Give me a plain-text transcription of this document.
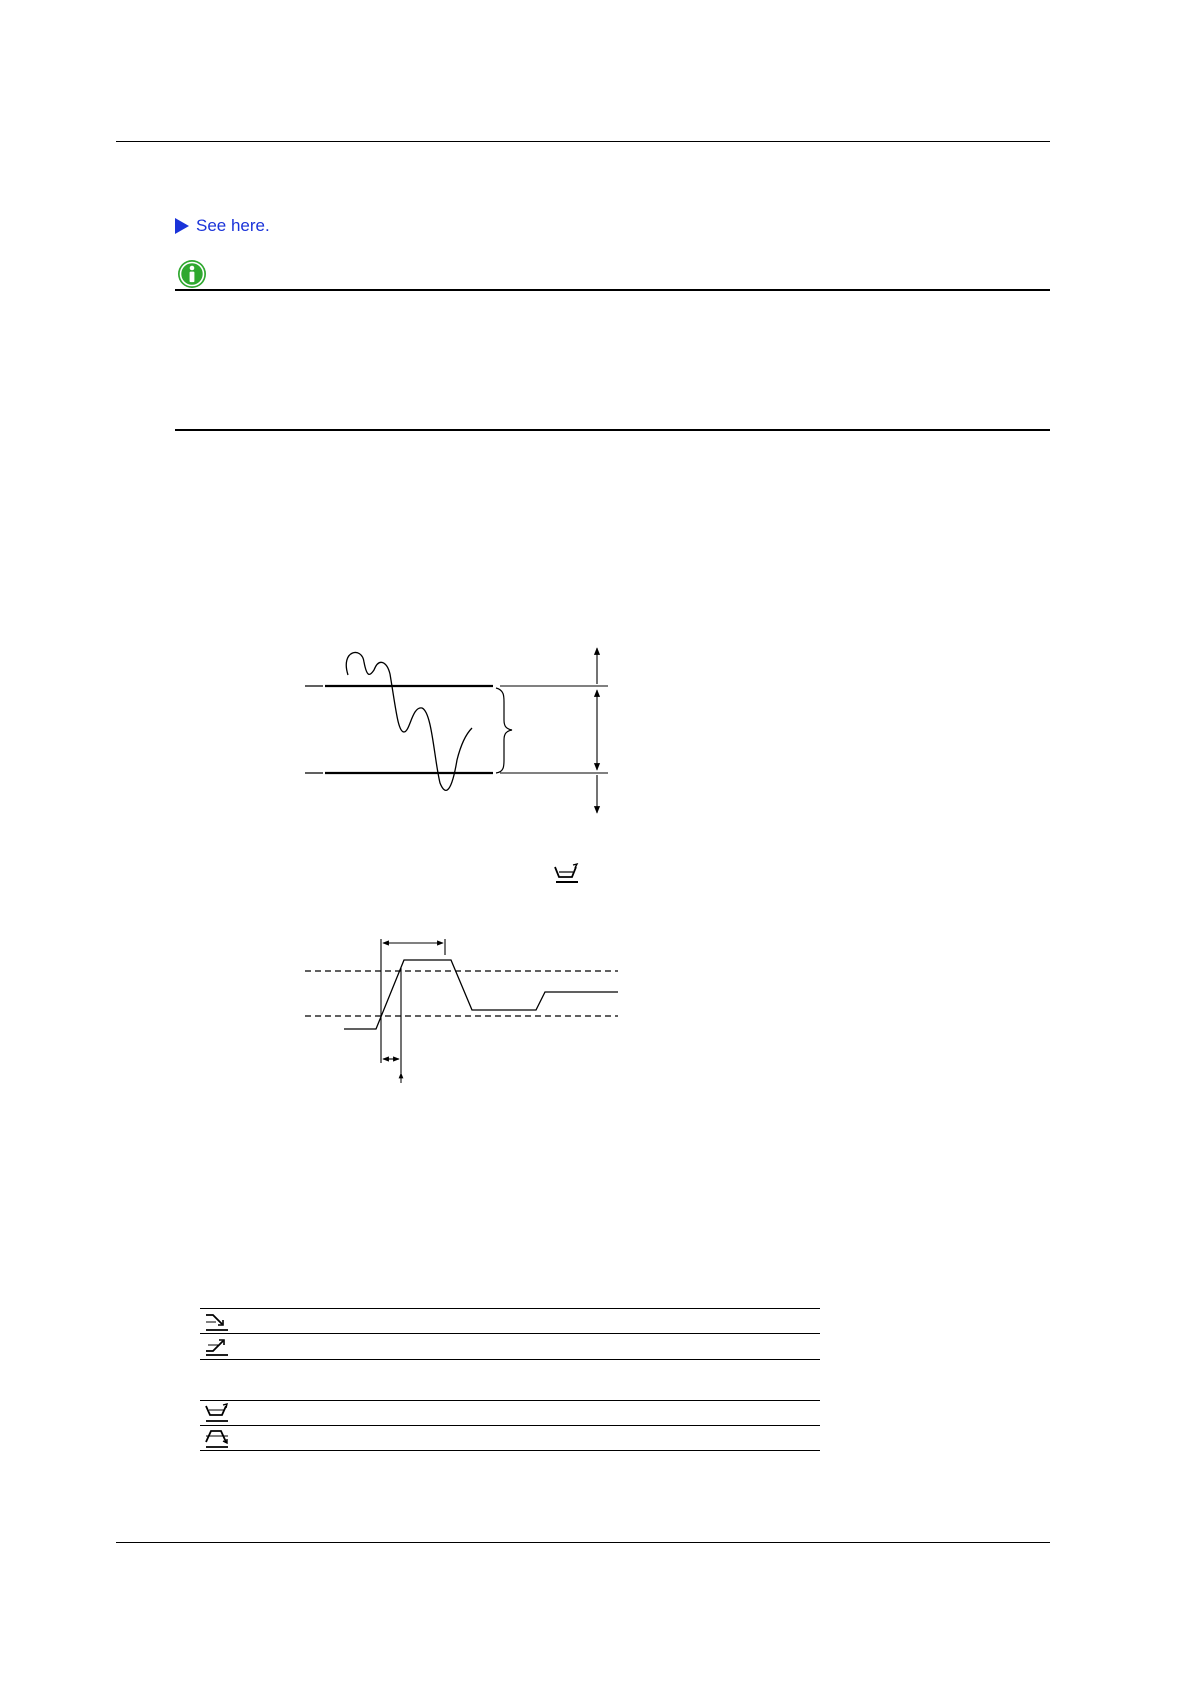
See here.
